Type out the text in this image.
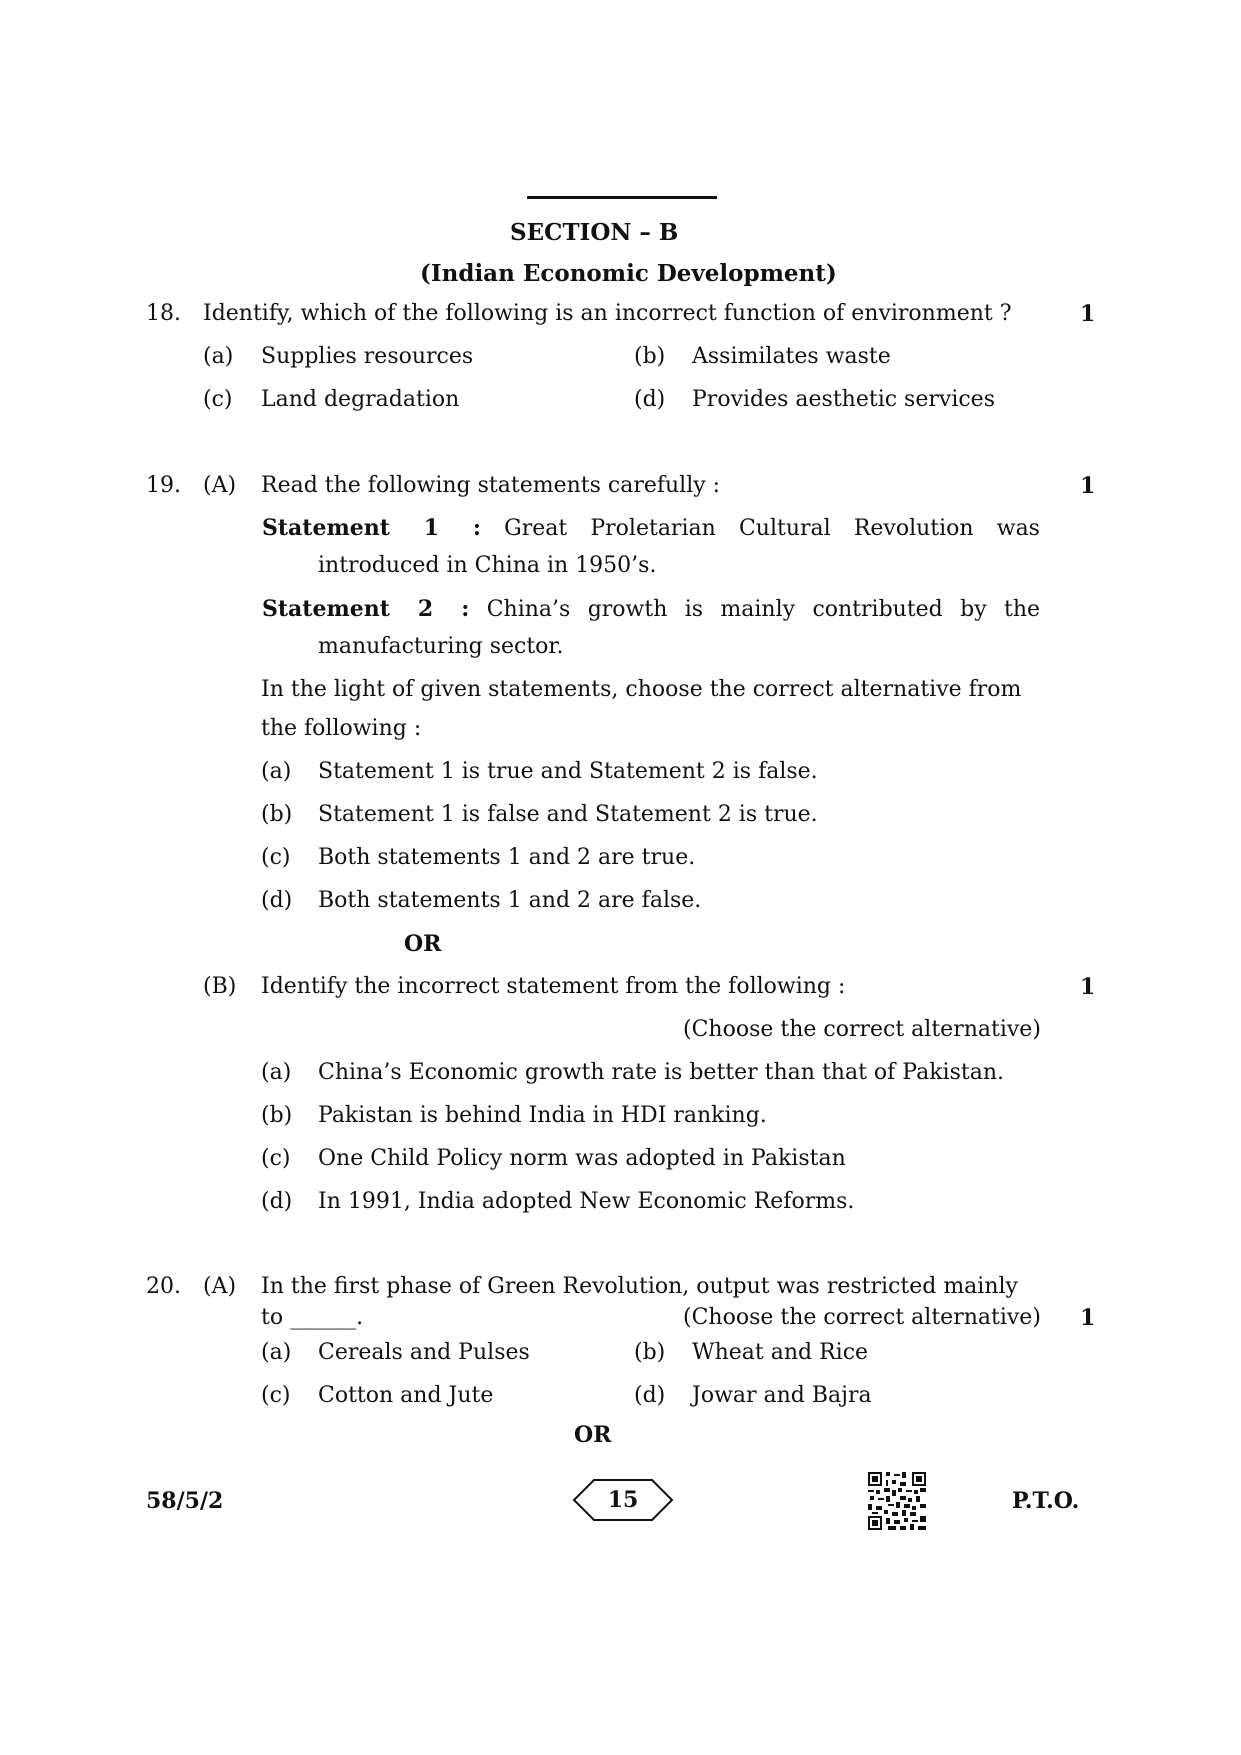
SECTION – B
(Indian Economic Development)
18. Identify, which of the following is an incorrect function of environment ?	1
(a) Supplies resources	(b) Assimilates waste
(c) Land degradation	(d) Provides aesthetic services
19. (A) Read the following statements carefully :	1
Statement 1 : Great Proletarian Cultural Revolution was
introduced in China in 1950’s.
Statement 2 : China’s growth is mainly contributed by the
manufacturing sector.
In the light of given statements, choose the correct alternative from
the following :
(a) Statement 1 is true and Statement 2 is false.
(b) Statement 1 is false and Statement 2 is true.
(c) Both statements 1 and 2 are true.
(d) Both statements 1 and 2 are false.
OR
(B) Identify the incorrect statement from the following :	1
(Choose the correct alternative)
(a) China’s Economic growth rate is better than that of Pakistan.
(b) Pakistan is behind India in HDI ranking.
(c) One Child Policy norm was adopted in Pakistan
(d) In 1991, India adopted New Economic Reforms.
20. (A) In the first phase of Green Revolution, output was restricted mainly
to ______.	(Choose the correct alternative) 1
(a) Cereals and Pulses	(b) Wheat and Rice
(c) Cotton and Jute	(d) Jowar and Bajra
OR
58/5/2	15	P.T.O.
